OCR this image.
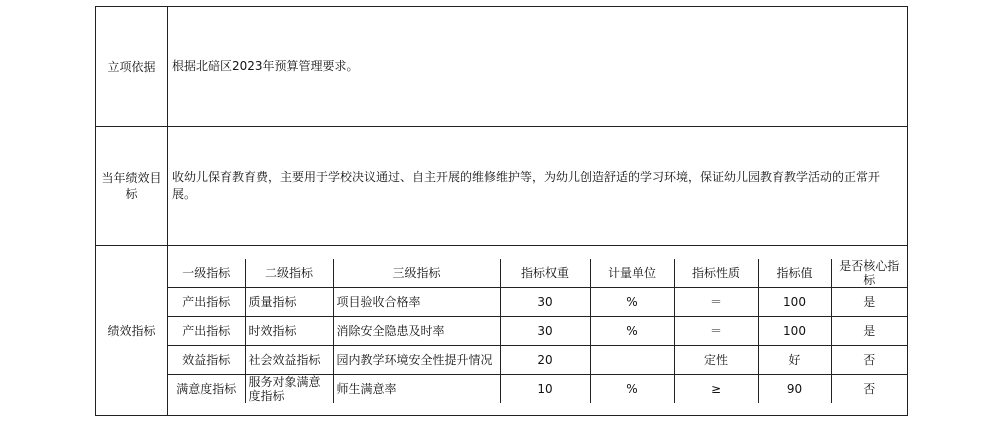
立项依据	根据北碚区2023年预算管理要求。
当年绩效目标	收幼儿保育教育费，主要用于学校决议通过、自主开展的维修维护等，为幼儿创造舒适的学习环境，保证幼儿园教育教学活动的正常开展。
绩效指标	
一级指标	二级指标	三级指标	指标权重	计量单位	指标性质	指标值	是否核心指标
产出指标	质量指标	项目验收合格率	30	%	＝	100	是
产出指标	时效指标	消除安全隐患及时率	30	%	＝	100	是
效益指标	社会效益指标	园内教学环境安全性提升情况	20		定性	好	否
满意度指标	服务对象满意度指标	师生满意率	10	%	≥	90	否
